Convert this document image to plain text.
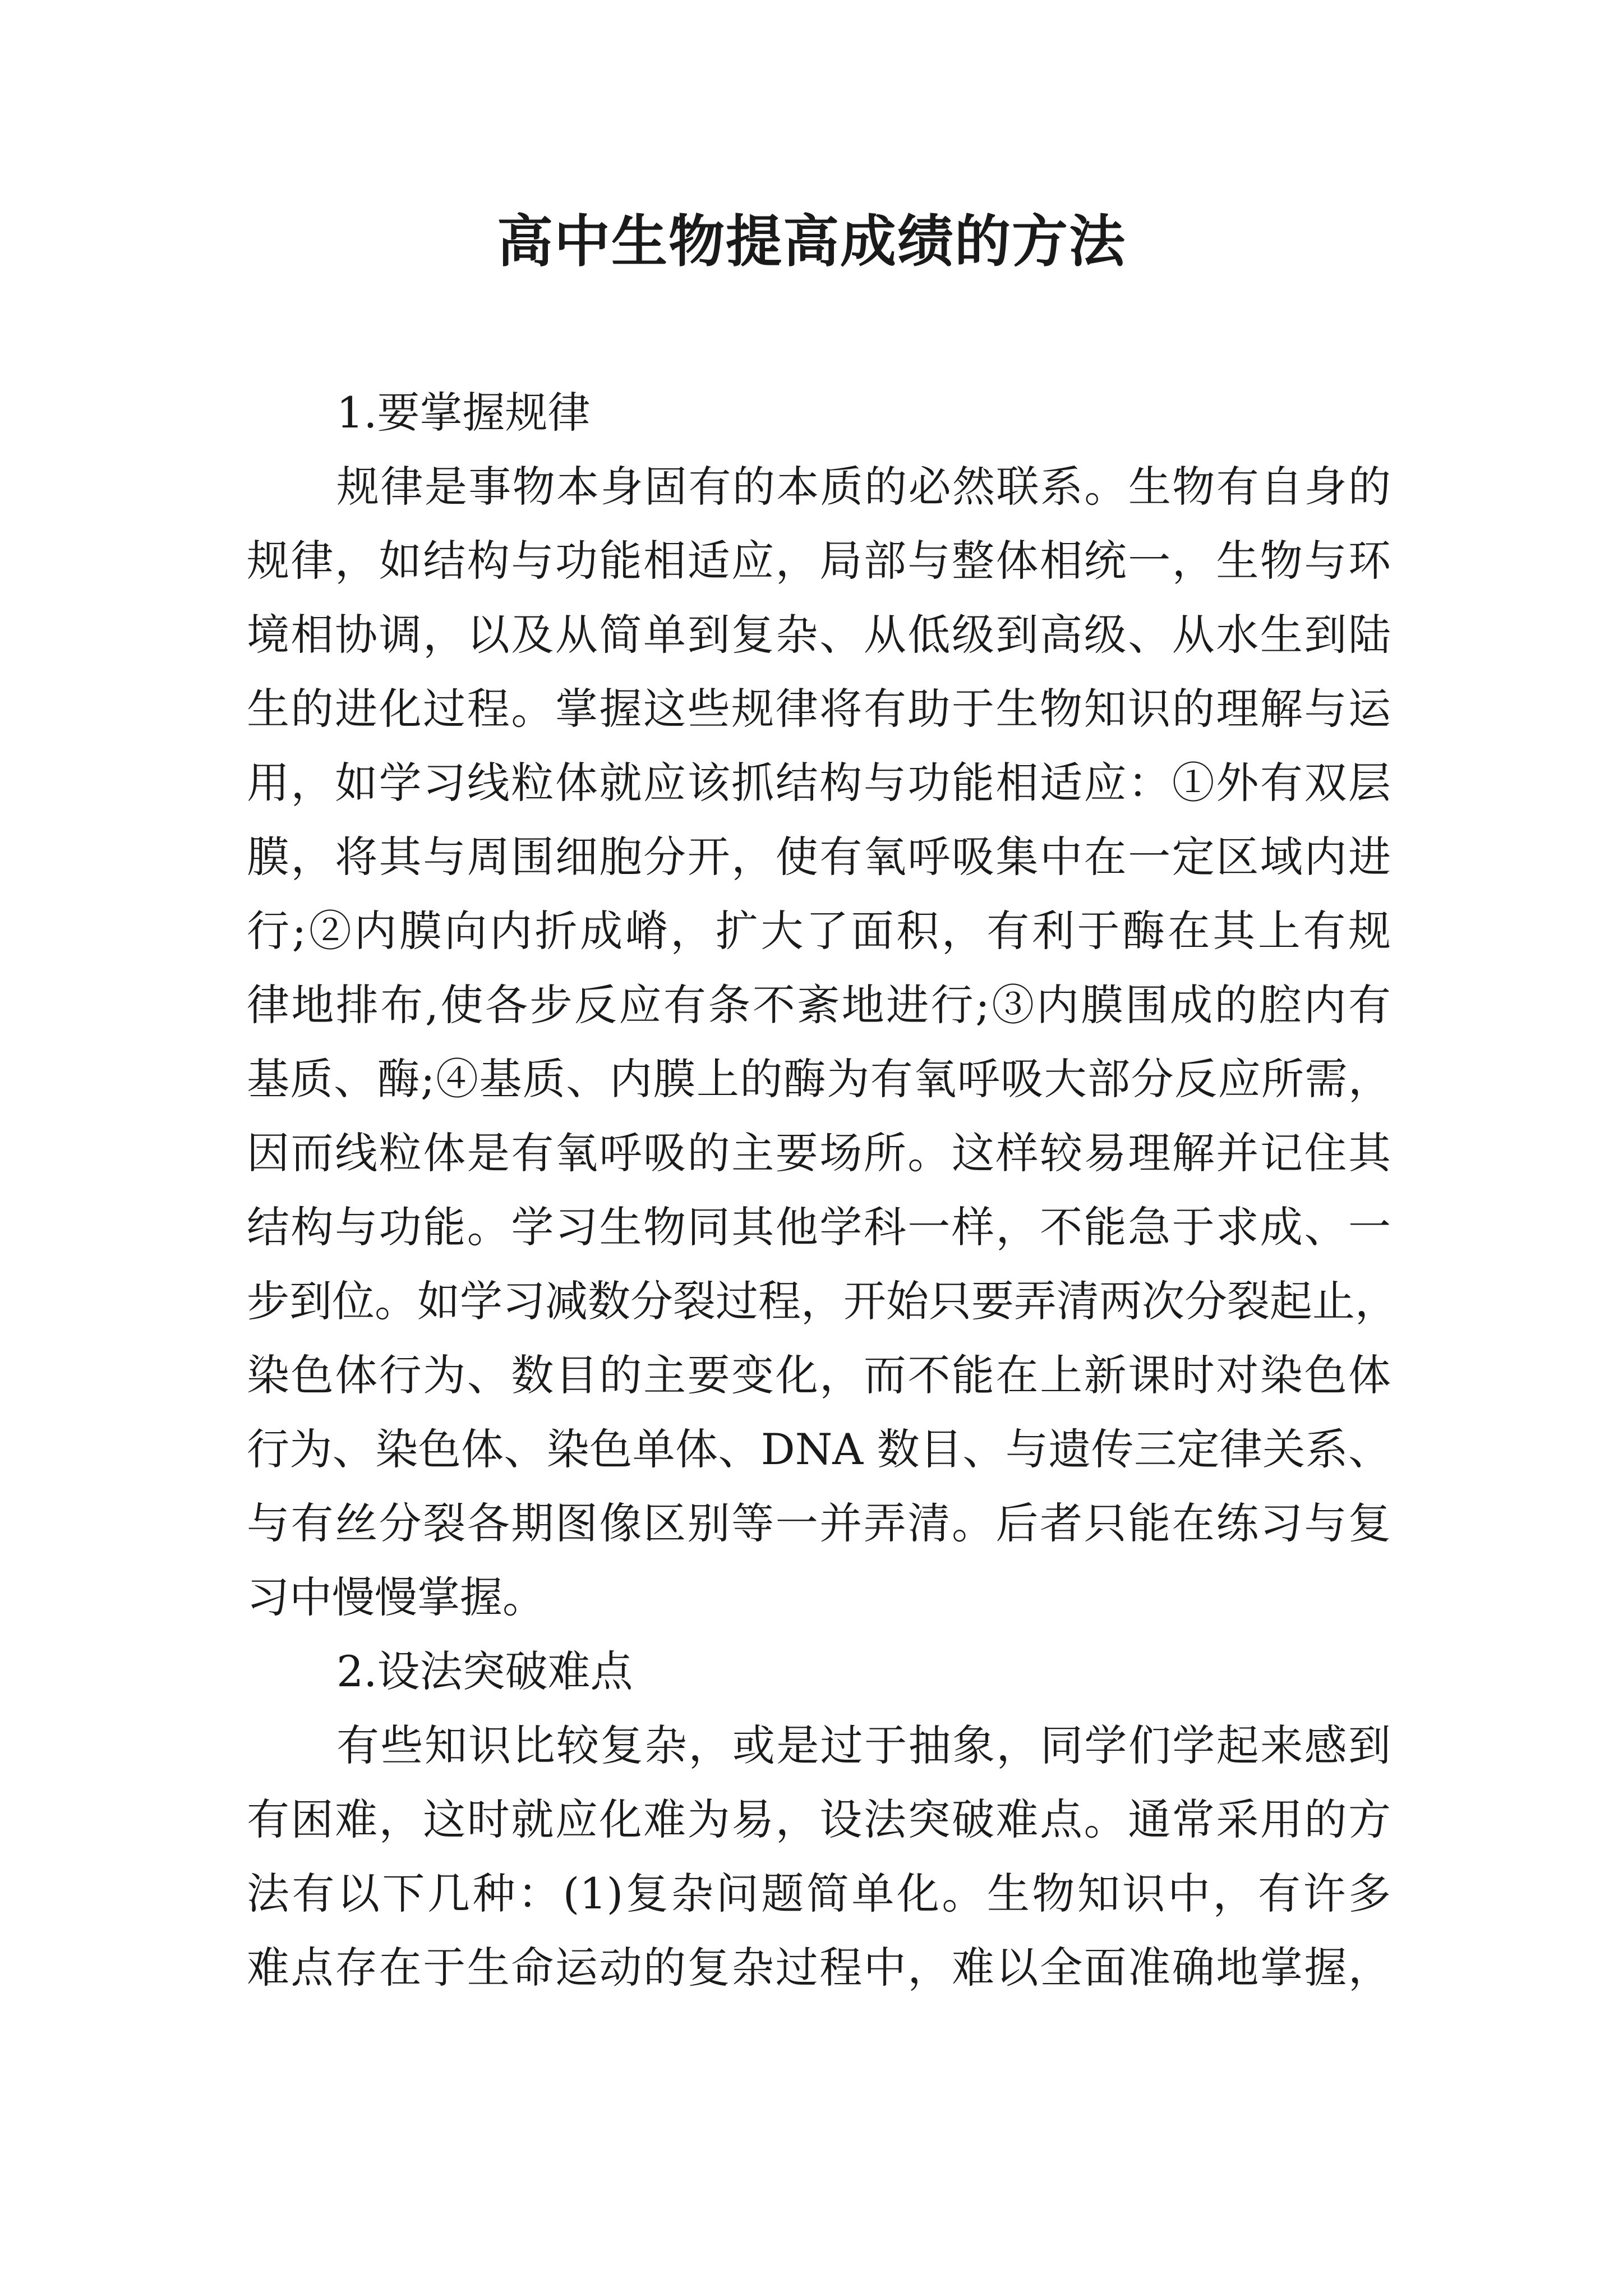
高中生物提高成绩的方法
1.要掌握规律
规律是事物本身固有的本质的必然联系。生物有自身的
规律，如结构与功能相适应，局部与整体相统一，生物与环
境相协调，以及从简单到复杂、从低级到高级、从水生到陆
生的进化过程。掌握这些规律将有助于生物知识的理解与运
用，如学习线粒体就应该抓结构与功能相适应：①外有双层
膜，将其与周围细胞分开，使有氧呼吸集中在一定区域内进
行;②内膜向内折成嵴，扩大了面积，有利于酶在其上有规
律地排布,使各步反应有条不紊地进行;③内膜围成的腔内有
基质、酶;④基质、内膜上的酶为有氧呼吸大部分反应所需，
因而线粒体是有氧呼吸的主要场所。这样较易理解并记住其
结构与功能。学习生物同其他学科一样，不能急于求成、一
步到位。如学习减数分裂过程，开始只要弄清两次分裂起止，
染色体行为、数目的主要变化，而不能在上新课时对染色体
行为、染色体、染色单体、DNA 数目、与遗传三定律关系、
与有丝分裂各期图像区别等一并弄清。后者只能在练习与复
习中慢慢掌握。
2.设法突破难点
有些知识比较复杂，或是过于抽象，同学们学起来感到
有困难，这时就应化难为易，设法突破难点。通常采用的方
法有以下几种：(1)复杂问题简单化。生物知识中，有许多
难点存在于生命运动的复杂过程中，难以全面准确地掌握，
